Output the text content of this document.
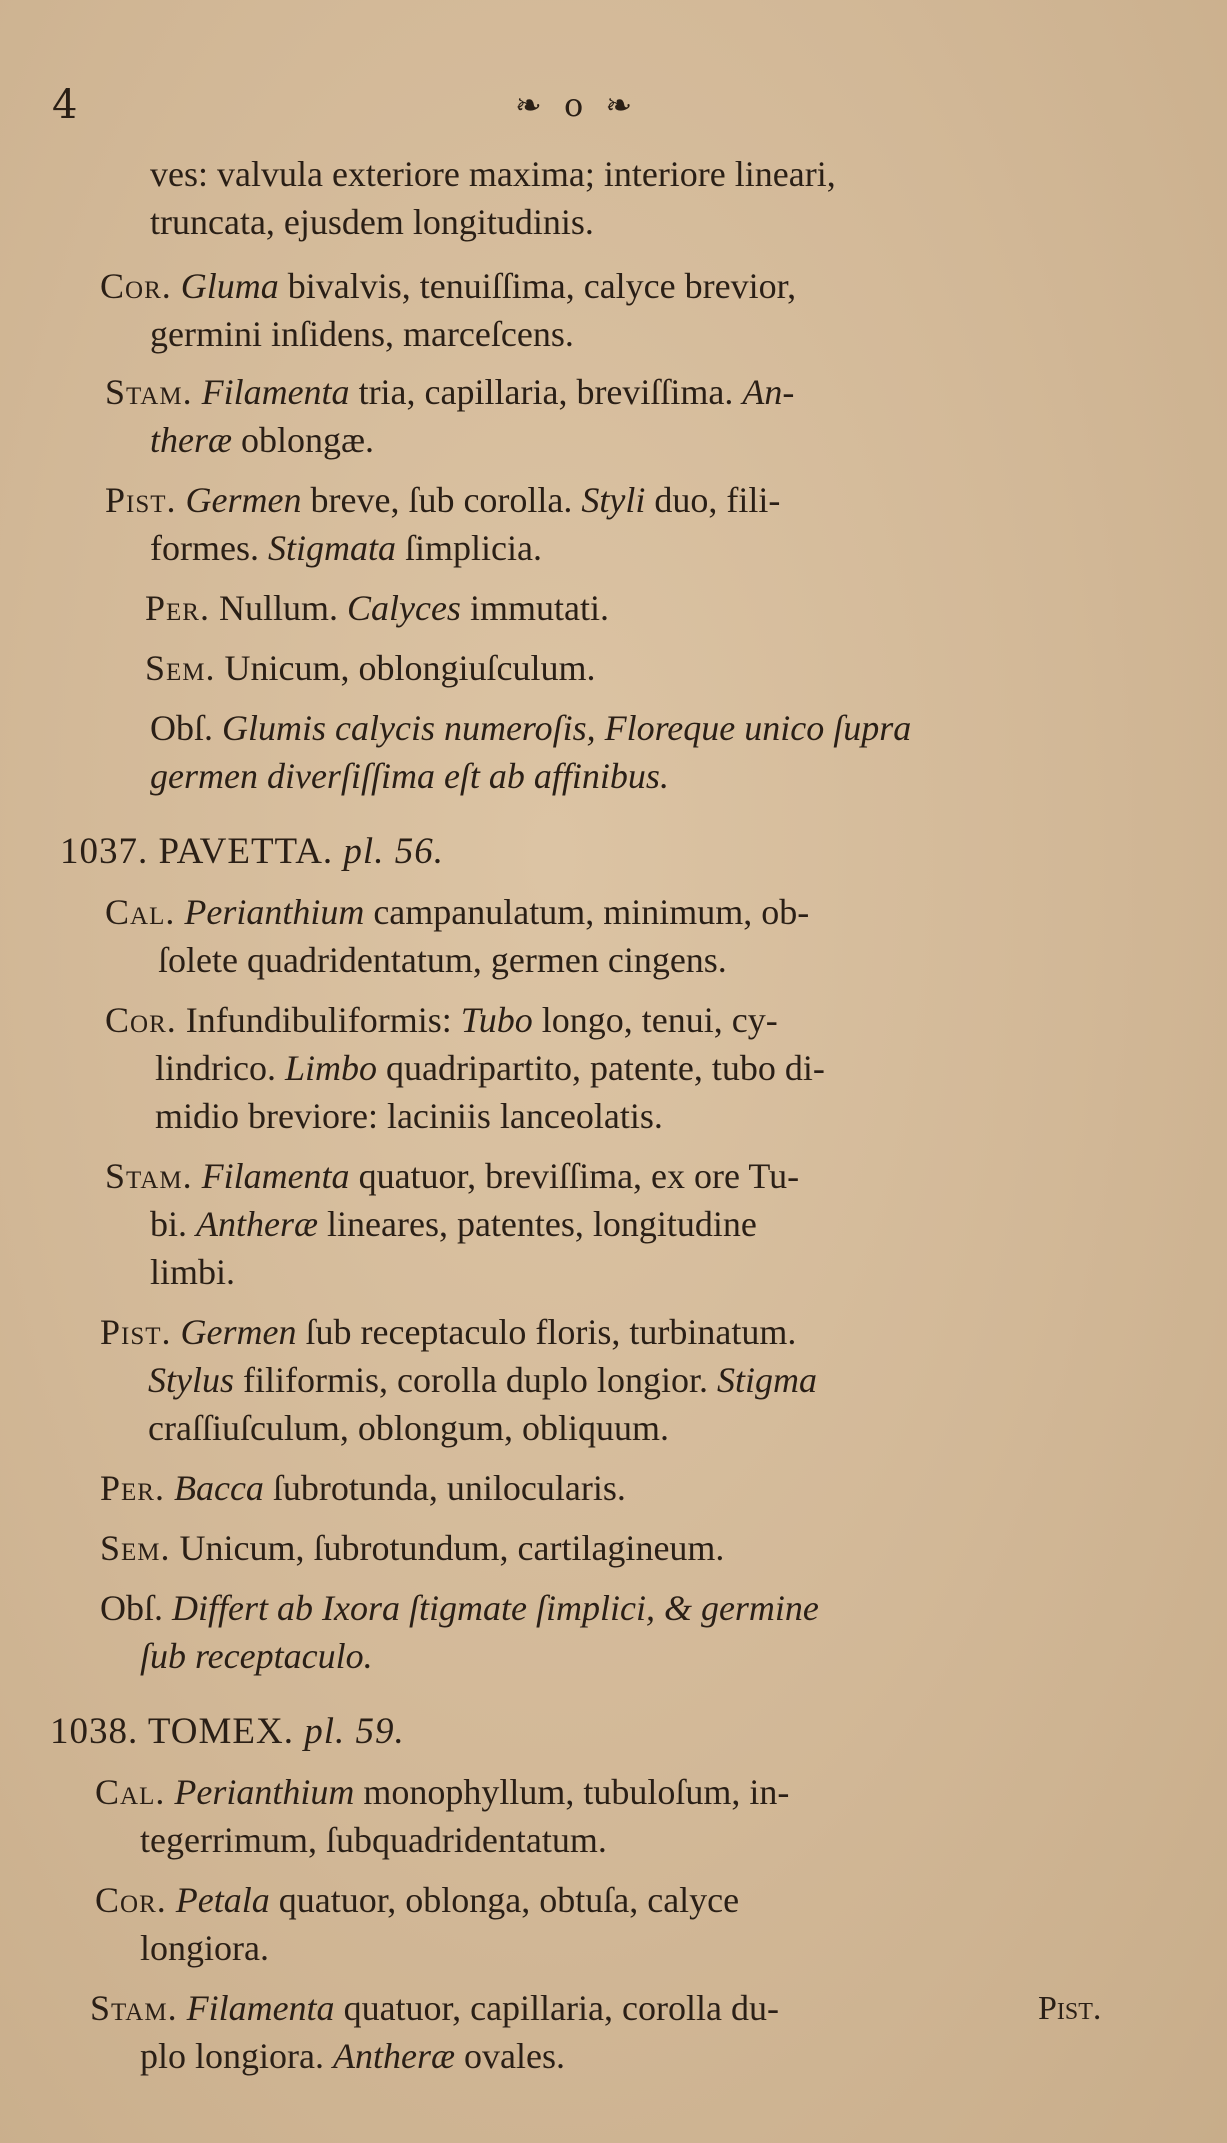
4	❧ o ❧
ves: valvula exteriore maxima; interiore lineari,
truncata, ejusdem longitudinis.
Cor. Gluma bivalvis, tenuiſſima, calyce brevior,
germini inſidens, marceſcens.
Stam. Filamenta tria, capillaria, breviſſima. An-
theræ oblongæ.
Pist. Germen breve, ſub corolla. Styli duo, fili-
formes. Stigmata ſimplicia.
Per. Nullum. Calyces immutati.
Sem. Unicum, oblongiuſculum.
Obſ. Glumis calycis numeroſis, Floreque unico ſupra
germen diverſiſſima eſt ab affinibus.
1037. PAVETTA. pl. 56.
Cal. Perianthium campanulatum, minimum, ob-
ſolete quadridentatum, germen cingens.
Cor. Infundibuliformis: Tubo longo, tenui, cy-
lindrico. Limbo quadripartito, patente, tubo di-
midio breviore: laciniis lanceolatis.
Stam. Filamenta quatuor, breviſſima, ex ore Tu-
bi. Antheræ lineares, patentes, longitudine
limbi.
Pist. Germen ſub receptaculo floris, turbinatum.
Stylus filiformis, corolla duplo longior. Stigma
craſſiuſculum, oblongum, obliquum.
Per. Bacca ſubrotunda, unilocularis.
Sem. Unicum, ſubrotundum, cartilagineum.
Obſ. Differt ab Ixora ſtigmate ſimplici, & germine
ſub receptaculo.
1038. TOMEX. pl. 59.
Cal. Perianthium monophyllum, tubuloſum, in-
tegerrimum, ſubquadridentatum.
Cor. Petala quatuor, oblonga, obtuſa, calyce
longiora.
Stam. Filamenta quatuor, capillaria, corolla du-
plo longiora. Antheræ ovales.
Pist.
